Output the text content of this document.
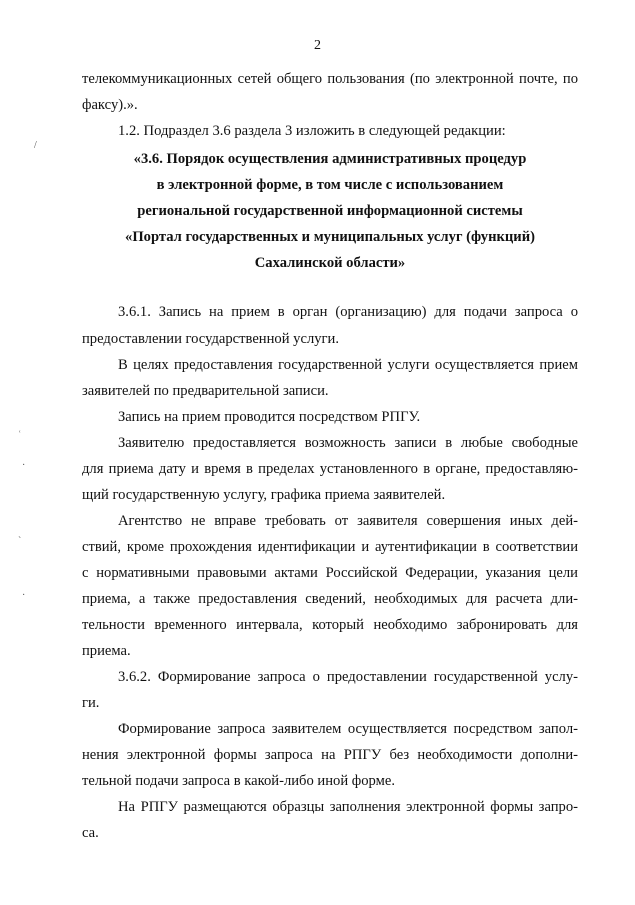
2
телекоммуникационных сетей общего пользования (по электронной почте, по
факсу).».
1.2. Подраздел 3.6 раздела 3 изложить в следующей редакции:
«3.6. Порядок осуществления административных процедур
в электронной форме, в том числе с использованием
региональной государственной информационной системы
«Портал государственных и муниципальных услуг (функций)
Сахалинской области»
3.6.1. Запись на прием в орган (организацию) для подачи запроса о
предоставлении государственной услуги.
В целях предоставления государственной услуги осуществляется прием
заявителей по предварительной записи.
Запись на прием проводится посредством РПГУ.
Заявителю предоставляется возможность записи в любые свободные
для приема дату и время в пределах установленного в органе, предоставляю-
щий государственную услугу, графика приема заявителей.
Агентство не вправе требовать от заявителя совершения иных дей-
ствий, кроме прохождения идентификации и аутентификации в соответствии
с нормативными правовыми актами Российской Федерации, указания цели
приема, а также предоставления сведений, необходимых для расчета дли-
тельности временного интервала, который необходимо забронировать для
приема.
3.6.2. Формирование запроса о предоставлении государственной услу-
ги.
Формирование запроса заявителем осуществляется посредством запол-
нения электронной формы запроса на РПГУ без необходимости дополни-
тельной подачи запроса в какой-либо иной форме.
На РПГУ размещаются образцы заполнения электронной формы запро-
са.
/
ʿ
·
ˋ
·
